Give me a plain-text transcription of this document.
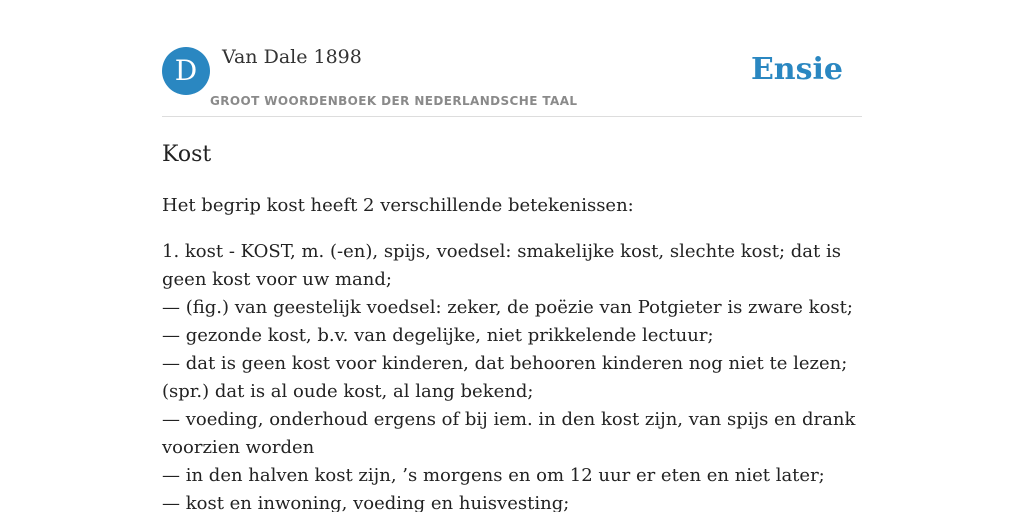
D	Van Dale 1898
GROOT WOORDENBOEK DER NEDERLANDSCHE TAAL
Ensie
Kost

Het begrip kost heeft 2 verschillende betekenissen:

1. kost - KOST, m. (-en), spijs, voedsel: smakelijke kost, slechte kost; dat is geen kost voor uw mand;
— (fig.) van geestelijk voedsel: zeker, de poëzie van Potgieter is zware kost;
— gezonde kost, b.v. van degelijke, niet prikkelende lectuur;
— dat is geen kost voor kinderen, dat behooren kinderen nog niet te lezen; (spr.) dat is al oude kost, al lang bekend;
— voeding, onderhoud ergens of bij iem. in den kost zijn, van spijs en drank voorzien worden
— in den halven kost zijn, ’s morgens en om 12 uur er eten en niet later;
— kost en inwoning, voeding en huisvesting;
